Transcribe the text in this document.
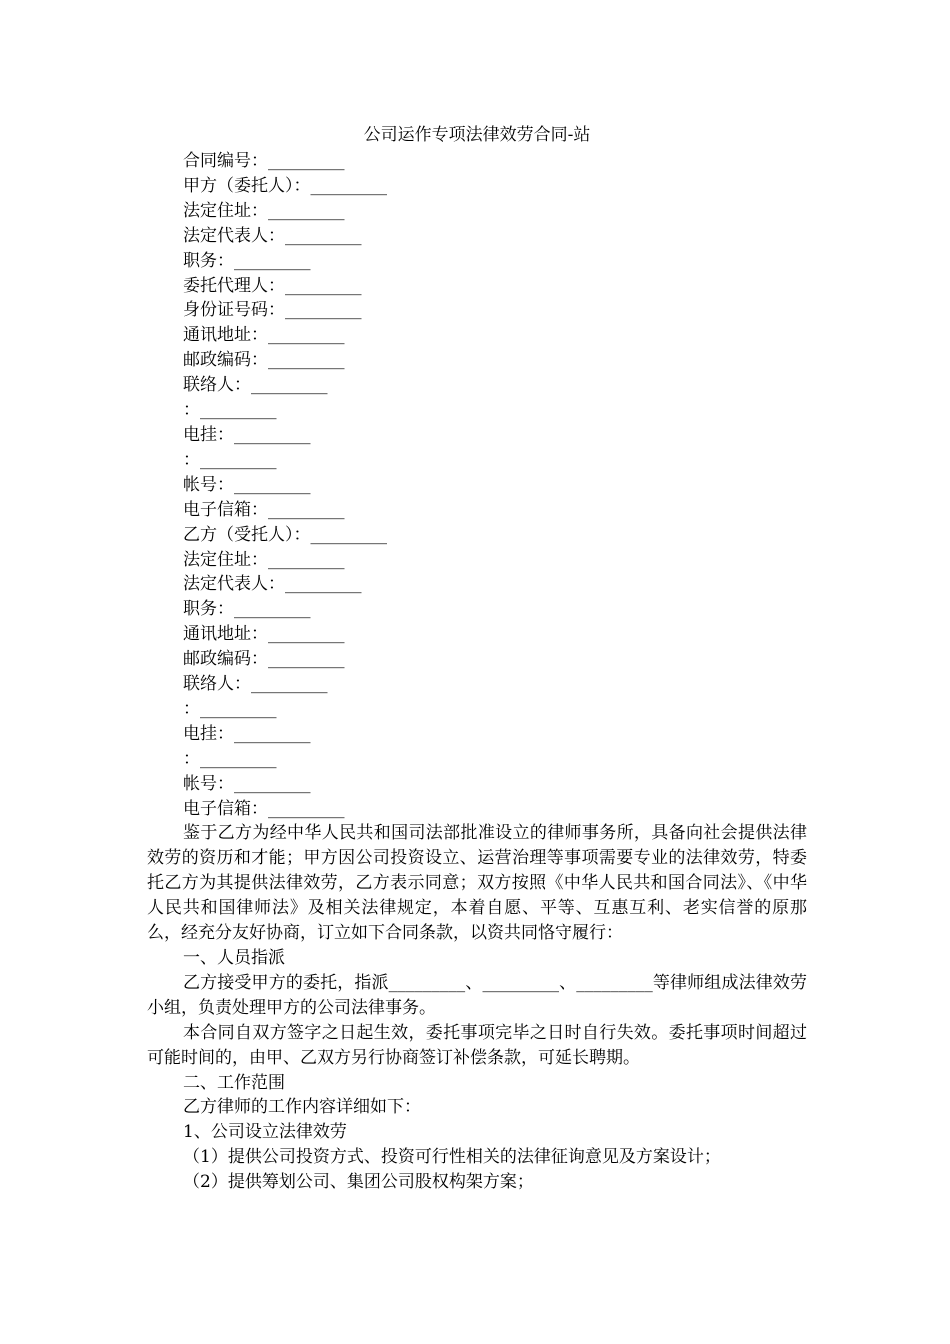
公司运作专项法律效劳合同-站

合同编号：_________

甲方（委托人）：_________

法定住址：_________

法定代表人：_________

职务：_________

委托代理人：_________

身份证号码：_________

通讯地址：_________

邮政编码：_________

联络人：_________

：_________

电挂：_________

：_________

帐号：_________

电子信箱：_________

乙方（受托人）：_________

法定住址：_________

法定代表人：_________

职务：_________

通讯地址：_________

邮政编码：_________

联络人：_________

：_________

电挂：_________

：_________

帐号：_________

电子信箱：_________

鉴于乙方为经中华人民共和国司法部批准设立的律师事务所，具备向社会提供法律效劳的资历和才能；甲方因公司投资设立、运营治理等事项需要专业的法律效劳，特委托乙方为其提供法律效劳，乙方表示同意；双方按照《中华人民共和国合同法》、《中华人民共和国律师法》及相关法律规定，本着自愿、平等、互惠互利、老实信誉的原那么，经充分友好协商，订立如下合同条款，以资共同恪守履行：

一、人员指派

乙方接受甲方的委托，指派_________、_________、_________等律师组成法律效劳小组，负责处理甲方的公司法律事务。

本合同自双方签字之日起生效，委托事项完毕之日时自行失效。委托事项时间超过可能时间的，由甲、乙双方另行协商签订补偿条款，可延长聘期。

二、工作范围

乙方律师的工作内容详细如下：

1、公司设立法律效劳

（1）提供公司投资方式、投资可行性相关的法律征询意见及方案设计；

（2）提供筹划公司、集团公司股权构架方案；
